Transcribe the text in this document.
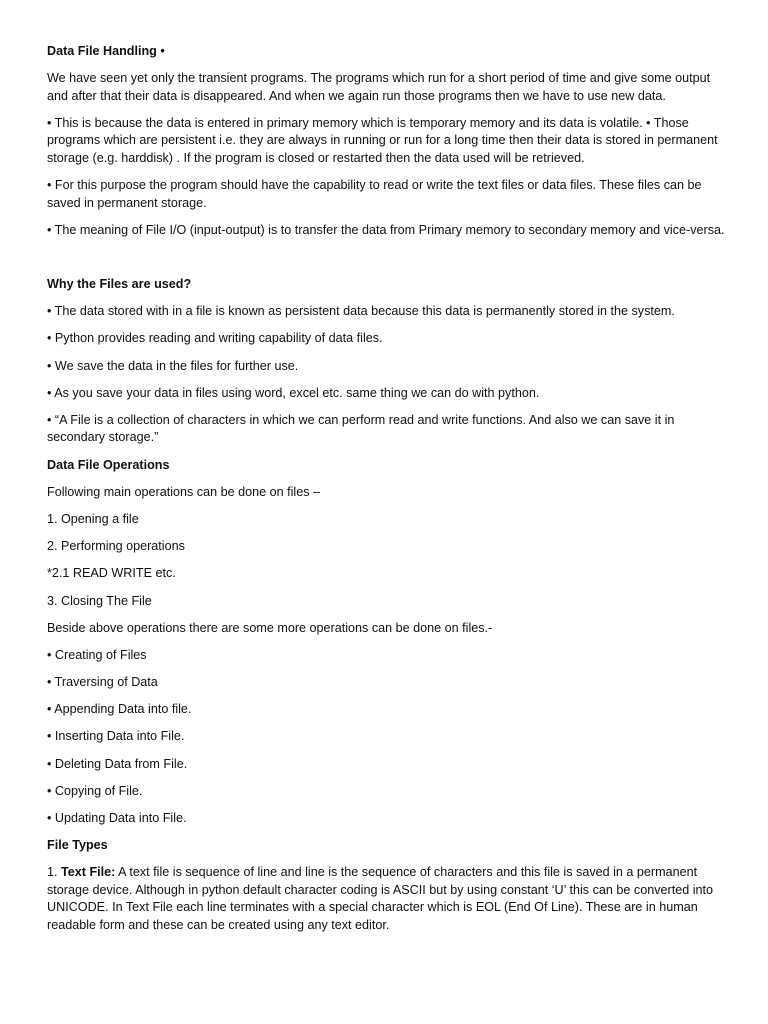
Data File Handling •

We have seen yet only the transient programs. The programs which run for a short period of time and give some output and after that their data is disappeared. And when we again run those programs then we have to use new data.

• This is because the data is entered in primary memory which is temporary memory and its data is volatile. • Those programs which are persistent i.e. they are always in running or run for a long time then their data is stored in permanent storage (e.g. harddisk) . If the program is closed or restarted then the data used will be retrieved.

• For this purpose the program should have the capability to read or write the text files or data files. These files can be saved in permanent storage.

• The meaning of File I/O (input-output) is to transfer the data from Primary memory to secondary memory and vice-versa.

Why the Files are used?

• The data stored with in a file is known as persistent data because this data is permanently stored in the system.

• Python provides reading and writing capability of data files.

• We save the data in the files for further use.

• As you save your data in files using word, excel etc. same thing we can do with python.

• “A File is a collection of characters in which we can perform read and write functions. And also we can save it in secondary storage.”

Data File Operations

Following main operations can be done on files –

1. Opening a file

2. Performing operations

*2.1 READ WRITE etc.

3. Closing The File

Beside above operations there are some more operations can be done on files.-

• Creating of Files

• Traversing of Data

• Appending Data into file.

• Inserting Data into File.

• Deleting Data from File.

• Copying of File.

• Updating Data into File.

File Types

1. Text File: A text file is sequence of line and line is the sequence of characters and this file is saved in a permanent storage device. Although in python default character coding is ASCII but by using constant ‘U’ this can be converted into UNICODE. In Text File each line terminates with a special character which is EOL (End Of Line). These are in human readable form and these can be created using any text editor.
